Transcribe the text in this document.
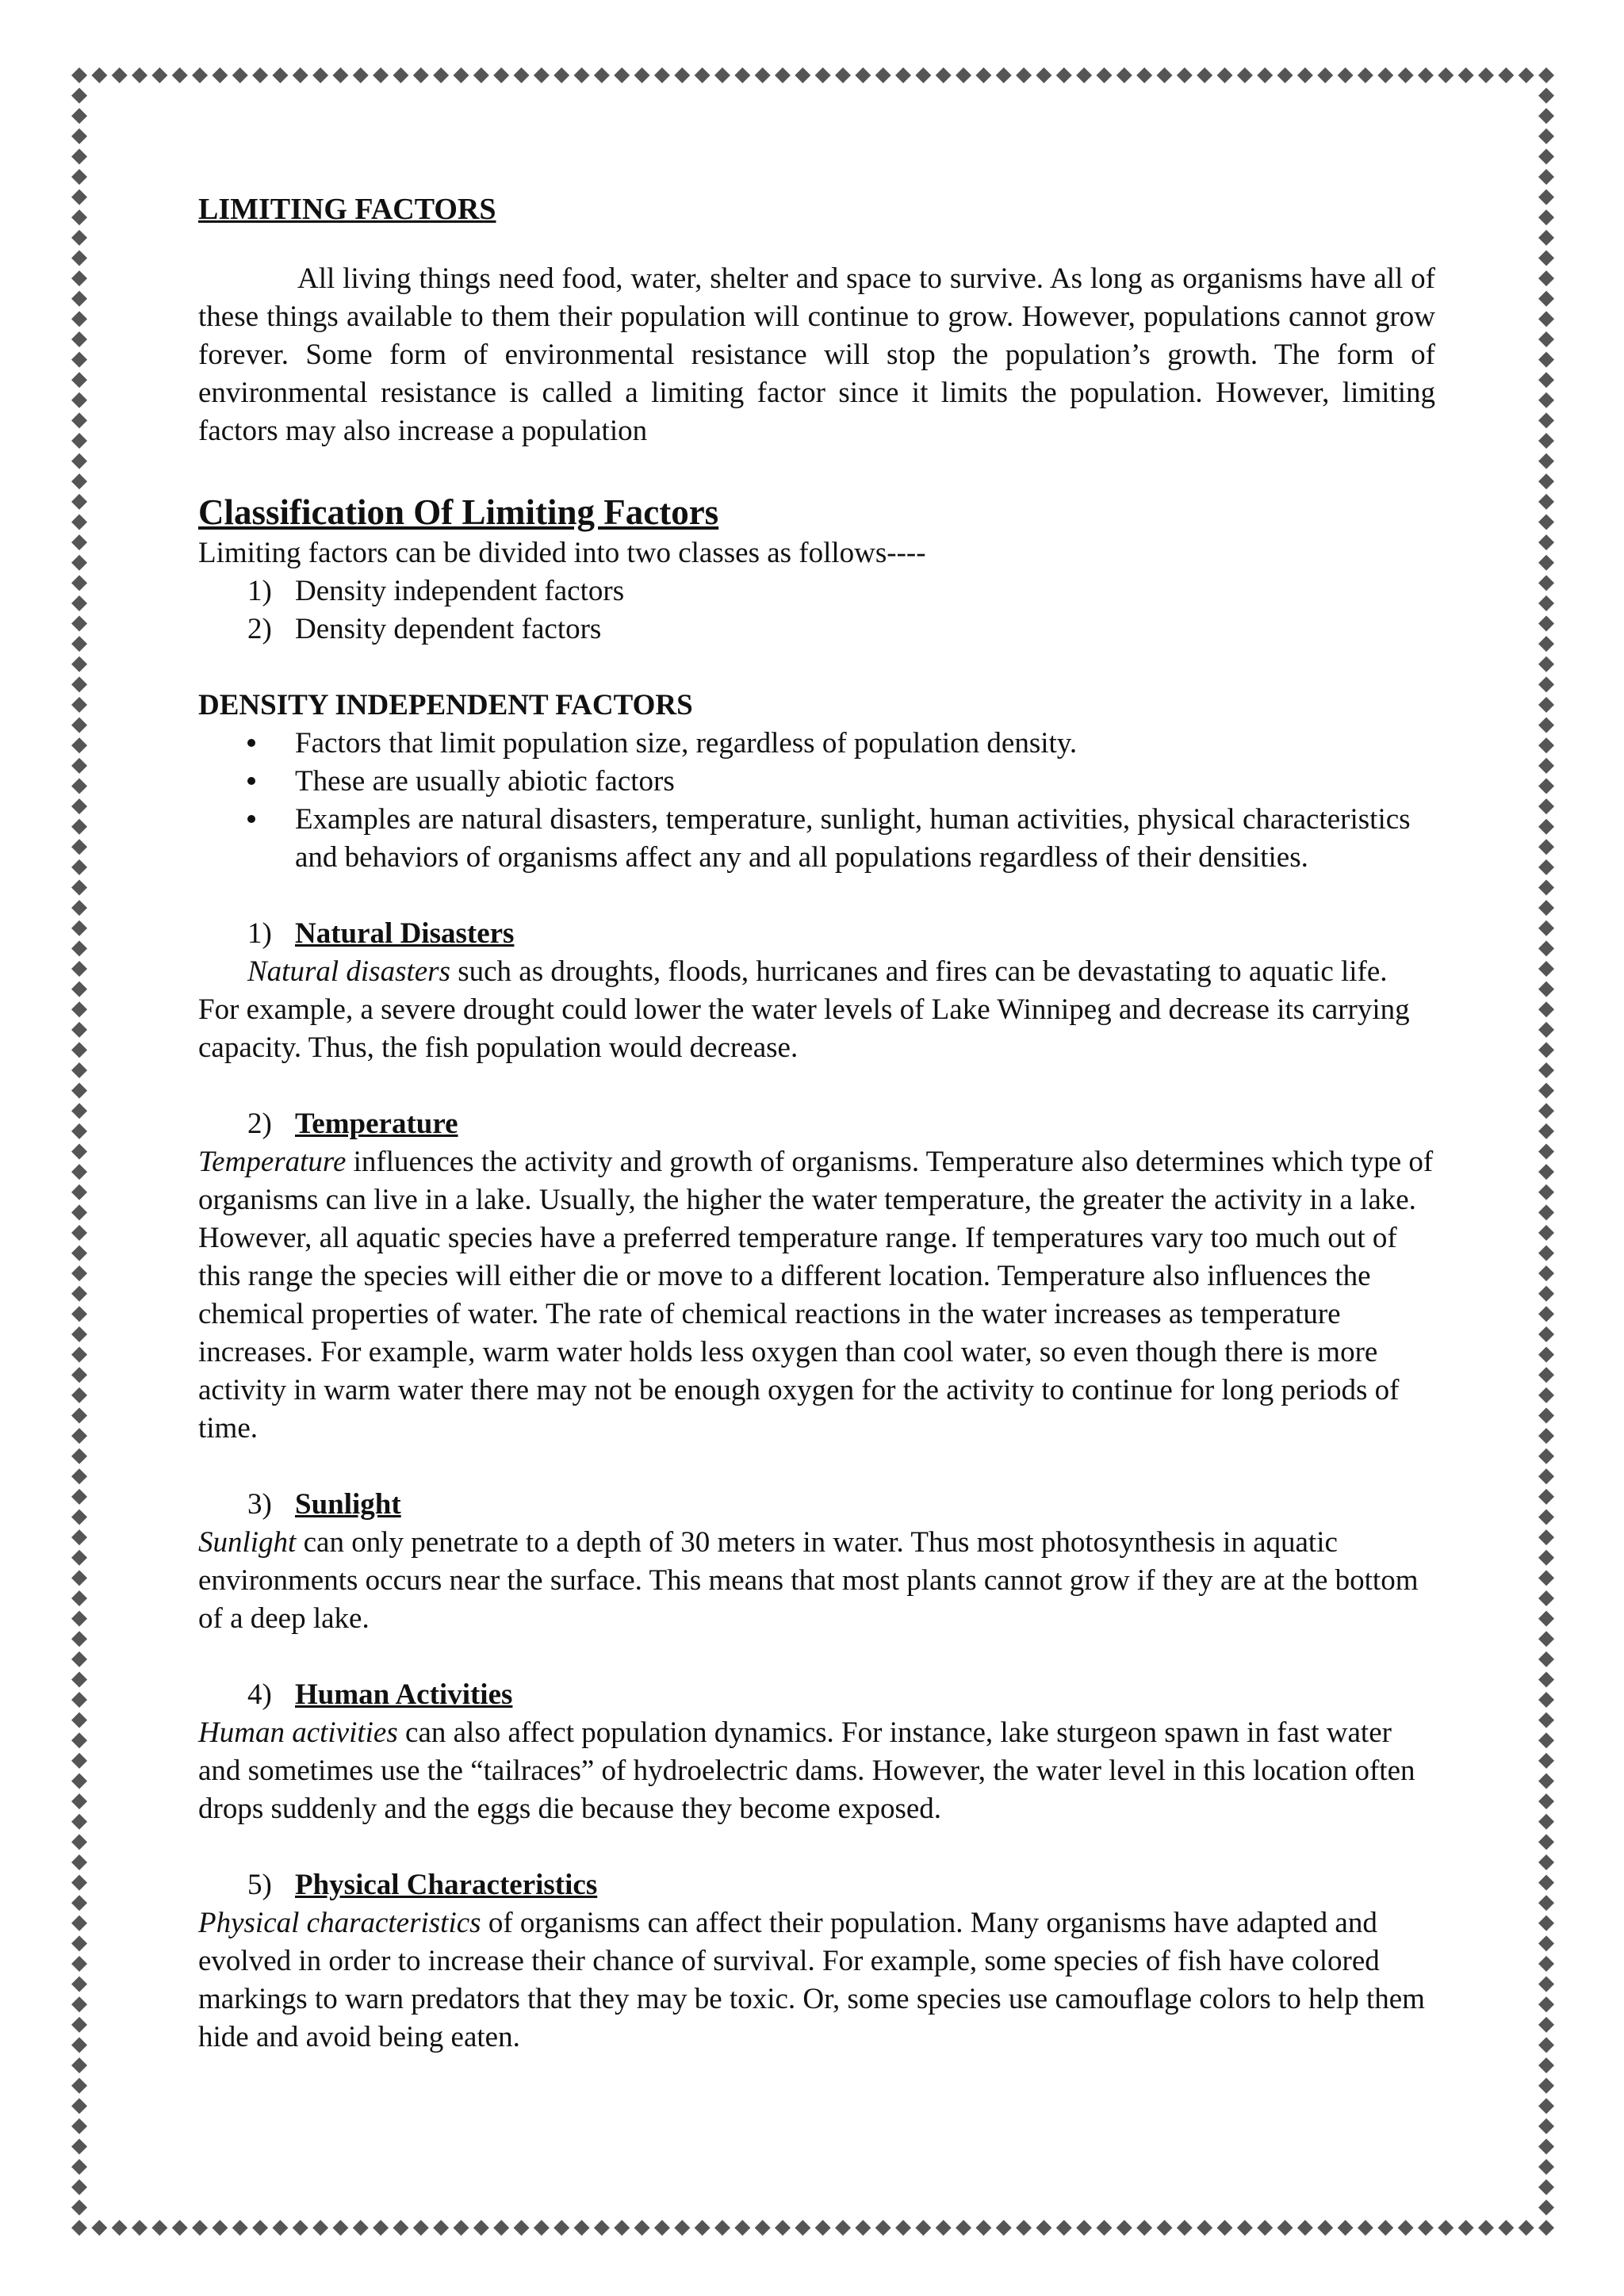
LIMITING FACTORS

All living things need food, water, shelter and space to survive. As long as organisms have all of these things available to them their population will continue to grow. However, populations cannot grow forever. Some form of environmental resistance will stop the population’s growth. The form of environmental resistance is called a limiting factor since it limits the population. However, limiting factors may also increase a population

Classification Of Limiting Factors

Limiting factors can be divided into two classes as follows----

1) Density independent factors
2) Density dependent factors
DENSITY INDEPENDENT FACTORS
Factors that limit population size, regardless of population density.
These are usually abiotic factors
Examples are natural disasters, temperature, sunlight, human activities, physical characteristics and behaviors of organisms affect any and all populations regardless of their densities.
1) Natural Disasters

Natural disasters such as droughts, floods, hurricanes and fires can be devastating to aquatic life. For example, a severe drought could lower the water levels of Lake Winnipeg and decrease its carrying capacity. Thus, the fish population would decrease.

2) Temperature

Temperature influences the activity and growth of organisms. Temperature also determines which type of organisms can live in a lake. Usually, the higher the water temperature, the greater the activity in a lake. However, all aquatic species have a preferred temperature range. If temperatures vary too much out of this range the species will either die or move to a different location. Temperature also influences the chemical properties of water. The rate of chemical reactions in the water increases as temperature increases. For example, warm water holds less oxygen than cool water, so even though there is more activity in warm water there may not be enough oxygen for the activity to continue for long periods of time.

3) Sunlight

Sunlight can only penetrate to a depth of 30 meters in water. Thus most photosynthesis in aquatic environments occurs near the surface. This means that most plants cannot grow if they are at the bottom of a deep lake.

4) Human Activities

Human activities can also affect population dynamics. For instance, lake sturgeon spawn in fast water and sometimes use the “tailraces” of hydroelectric dams. However, the water level in this location often drops suddenly and the eggs die because they become exposed.

5) Physical Characteristics

Physical characteristics of organisms can affect their population. Many organisms have adapted and evolved in order to increase their chance of survival. For example, some species of fish have colored markings to warn predators that they may be toxic. Or, some species use camouflage colors to help them hide and avoid being eaten.
